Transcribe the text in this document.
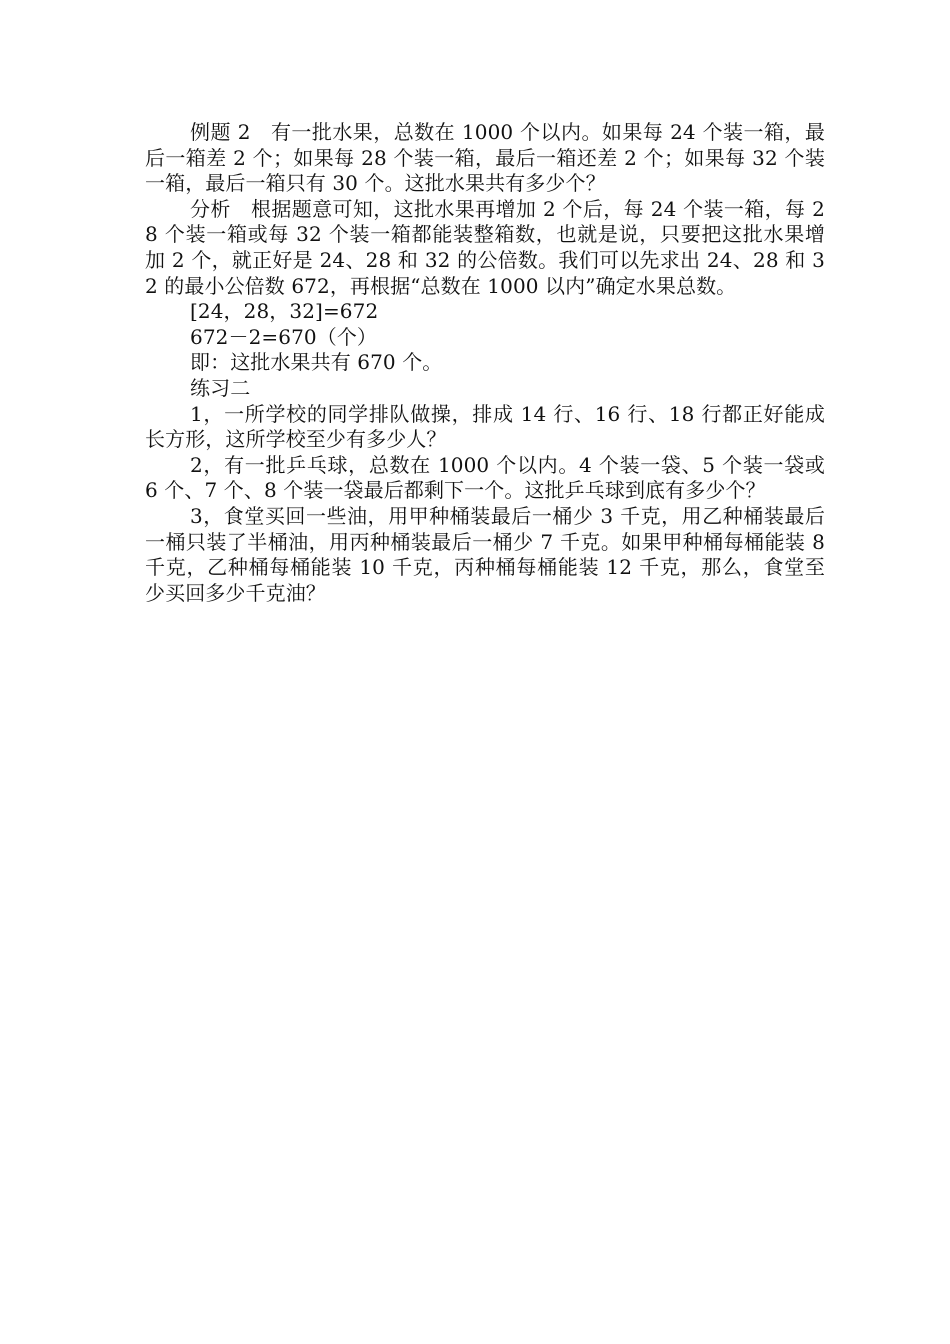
例题 2 有一批水果，总数在 1000 个以内。如果每 24 个装一箱，最后一箱差 2 个；如果每 28 个装一箱，最后一箱还差 2 个；如果每 32 个装一箱，最后一箱只有 30 个。这批水果共有多少个？

分析 根据题意可知，这批水果再增加 2 个后，每 24 个装一箱，每 28 个装一箱或每 32 个装一箱都能装整箱数，也就是说，只要把这批水果增加 2 个，就正好是 24、28 和 32 的公倍数。我们可以先求出 24、28 和 32 的最小公倍数 672，再根据“总数在 1000 以内”确定水果总数。

[24，28，32]=672

672－2=670（个）

即：这批水果共有 670 个。

练习二

1，一所学校的同学排队做操，排成 14 行、16 行、18 行都正好能成长方形，这所学校至少有多少人？

2，有一批乒乓球，总数在 1000 个以内。4 个装一袋、5 个装一袋或 6 个、7 个、8 个装一袋最后都剩下一个。这批乒乓球到底有多少个？

3，食堂买回一些油，用甲种桶装最后一桶少 3 千克，用乙种桶装最后一桶只装了半桶油，用丙种桶装最后一桶少 7 千克。如果甲种桶每桶能装 8 千克，乙种桶每桶能装 10 千克，丙种桶每桶能装 12 千克，那么，食堂至少买回多少千克油？
